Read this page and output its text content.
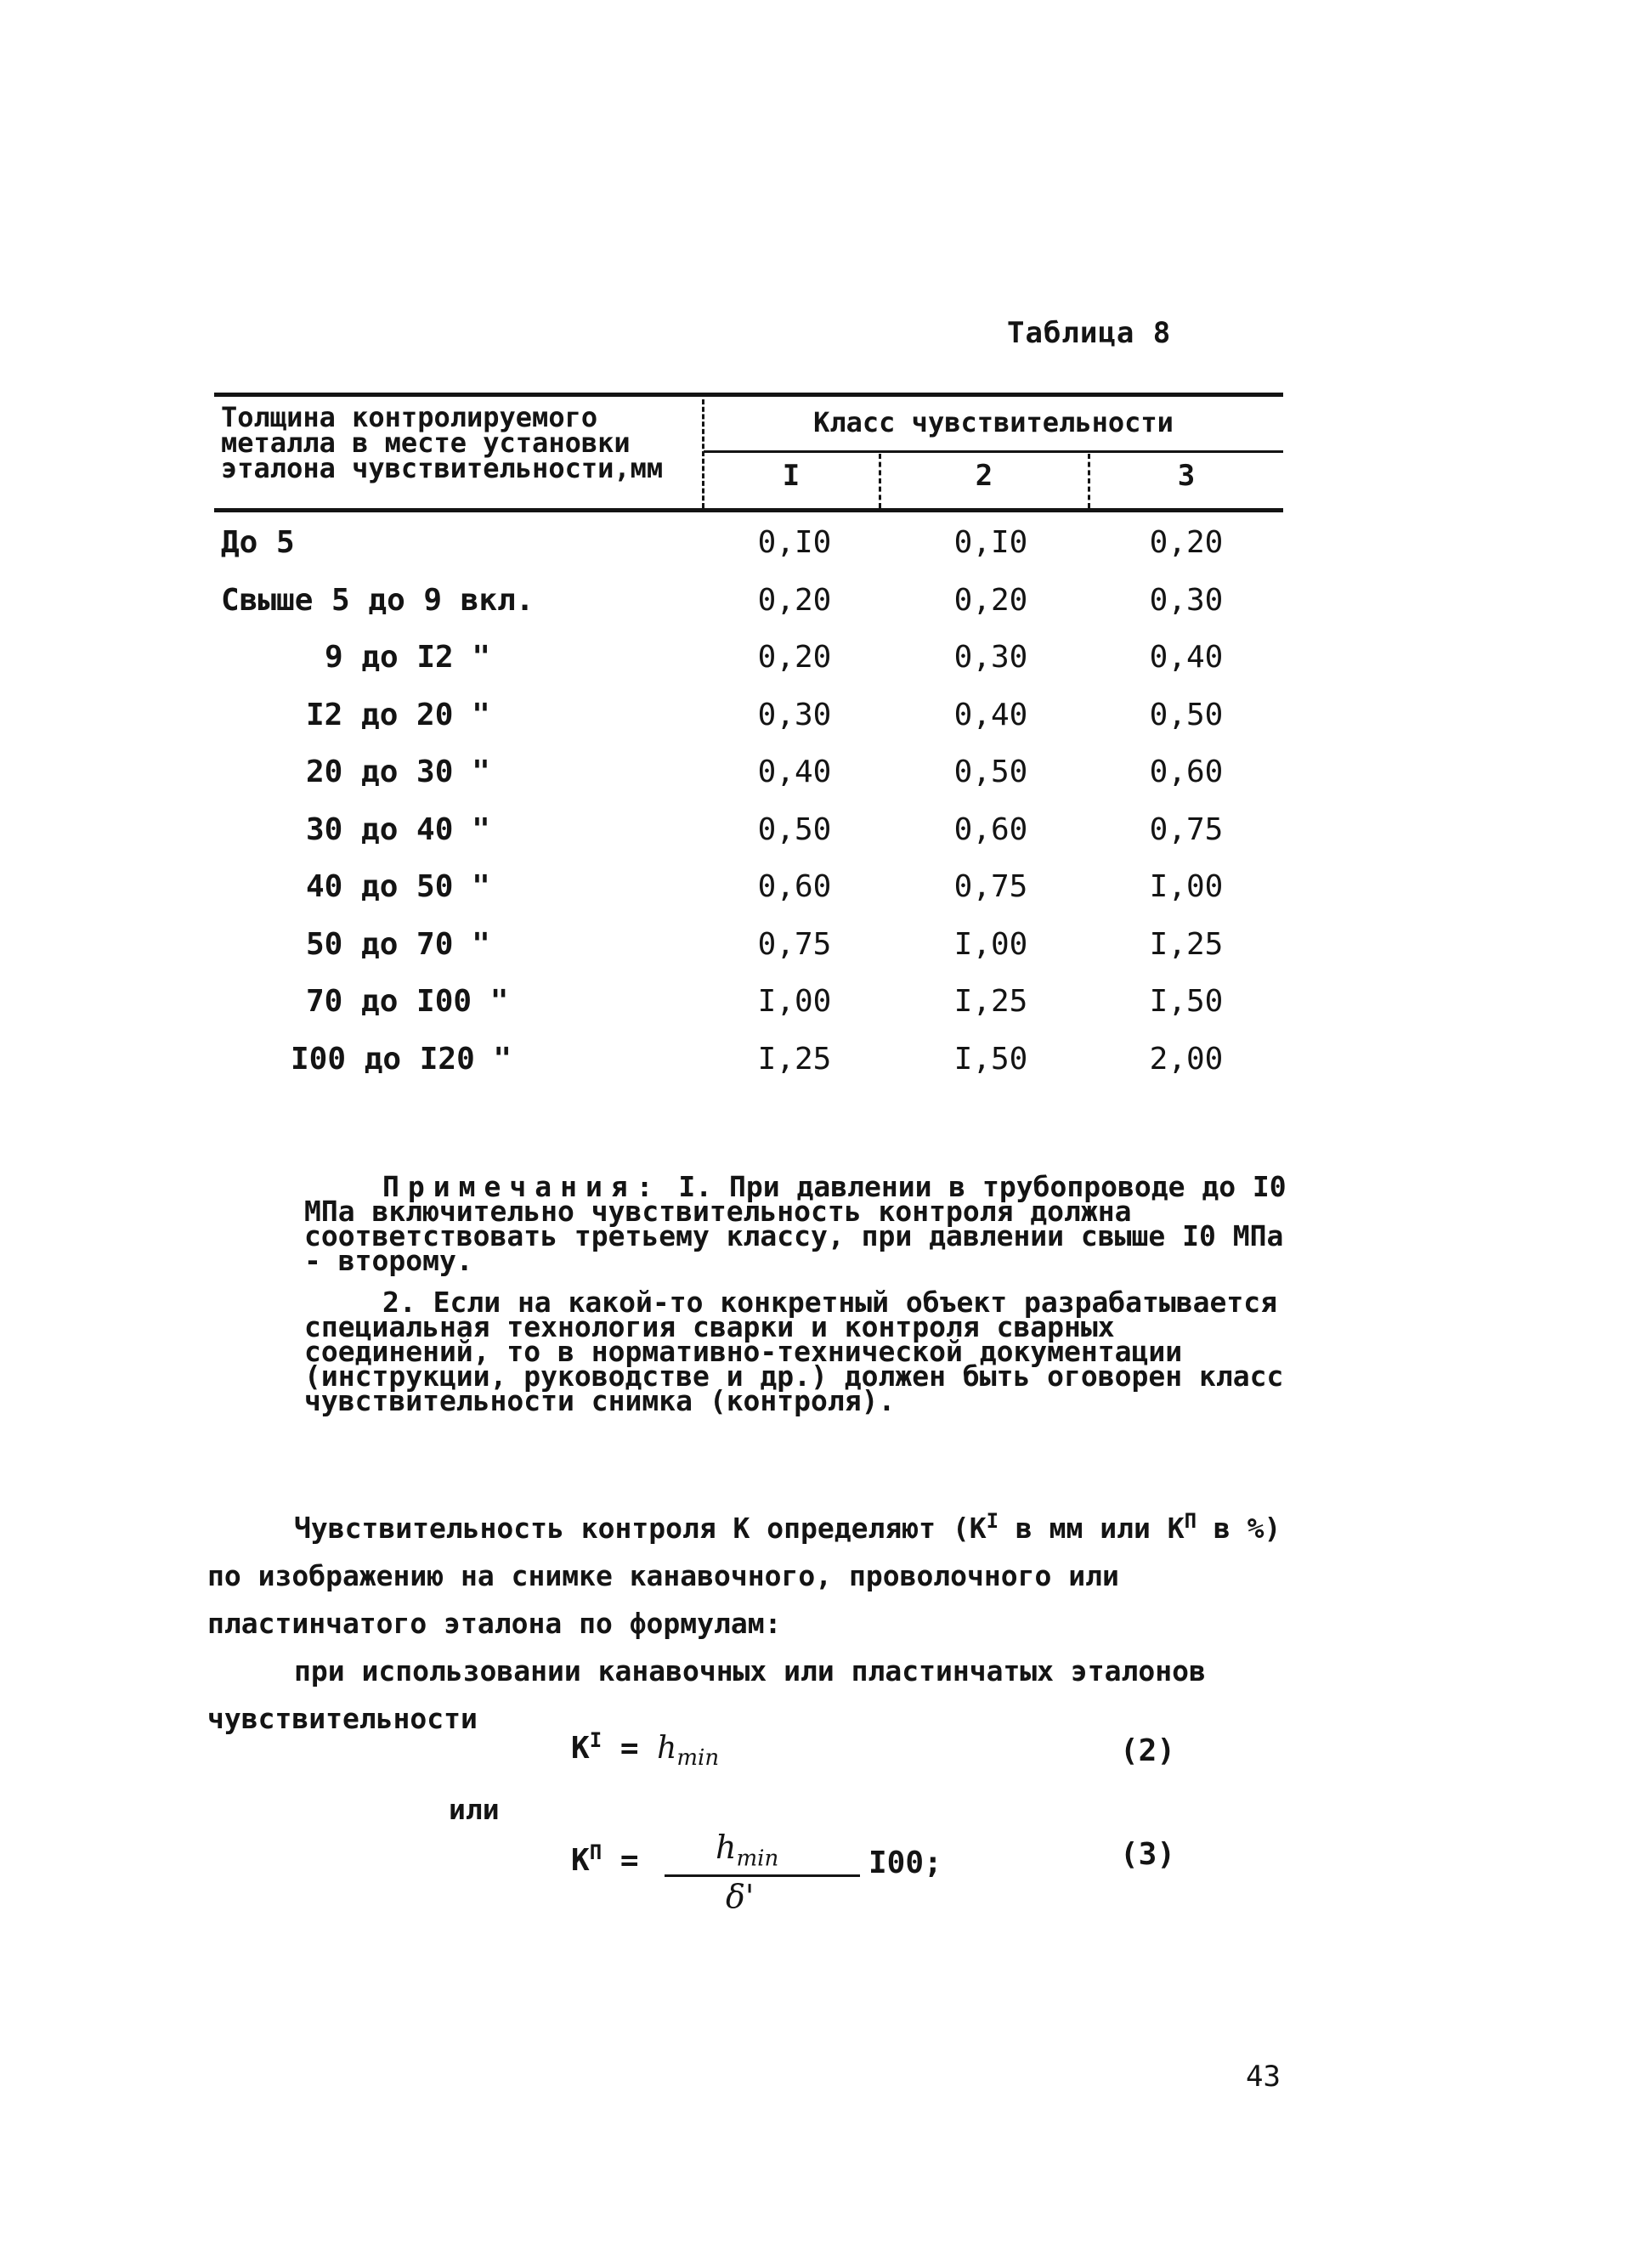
Таблица 8
Толщина контролируемого
металла в месте установки
эталона чувствительности,мм
Класс чувствительности
I	2	3
До 5	0,I0	0,I0	0,20
Свыше 5 до 9 вкл.	0,20	0,20	0,30
9 до I2 "	0,20	0,30	0,40
I2 до 20 "	0,30	0,40	0,50
20 до 30 "	0,40	0,50	0,60
30 до 40 "	0,50	0,60	0,75
40 до 50 "	0,60	0,75	I,00
50 до 70 "	0,75	I,00	I,25
70 до I00 "	I,00	I,25	I,50
I00 до I20 "	I,25	I,50	2,00

Примечания: I. При давлении в трубопроводе до I0 МПа включительно чувствительность контроля должна соответствовать третьему классу, при давлении свыше I0 МПа - второму.

2. Если на какой-то конкретный объект разрабатывается специальная технология сварки и контроля сварных соединений, то в нормативно-технической документации (инструкции, руководстве и др.) должен быть оговорен класс чувствительности снимка (контроля).

Чувствительность контроля К определяют ($К^I$ в мм или $К^П$ в %) по изображению на снимке канавочного, проволочного или пластинчатого эталона по формулам:

при использовании канавочных или пластинчатых эталонов чувствительности

$К^I = h_{min}$	(2)
или
$К^П = h_{min}$
δ'
I00;	(3)
43
